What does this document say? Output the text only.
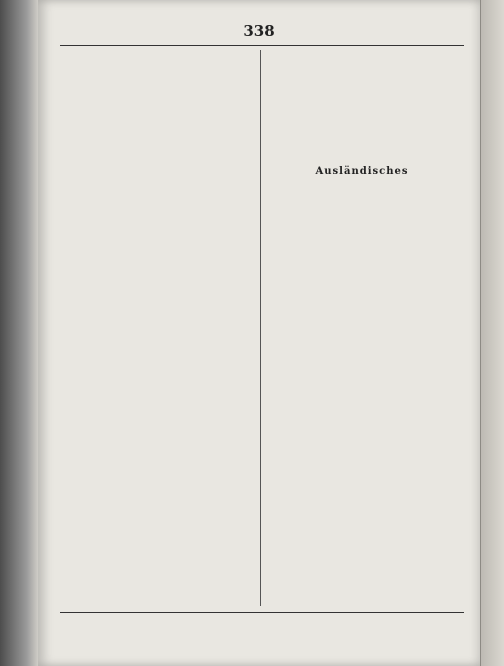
338
Ausländisches
